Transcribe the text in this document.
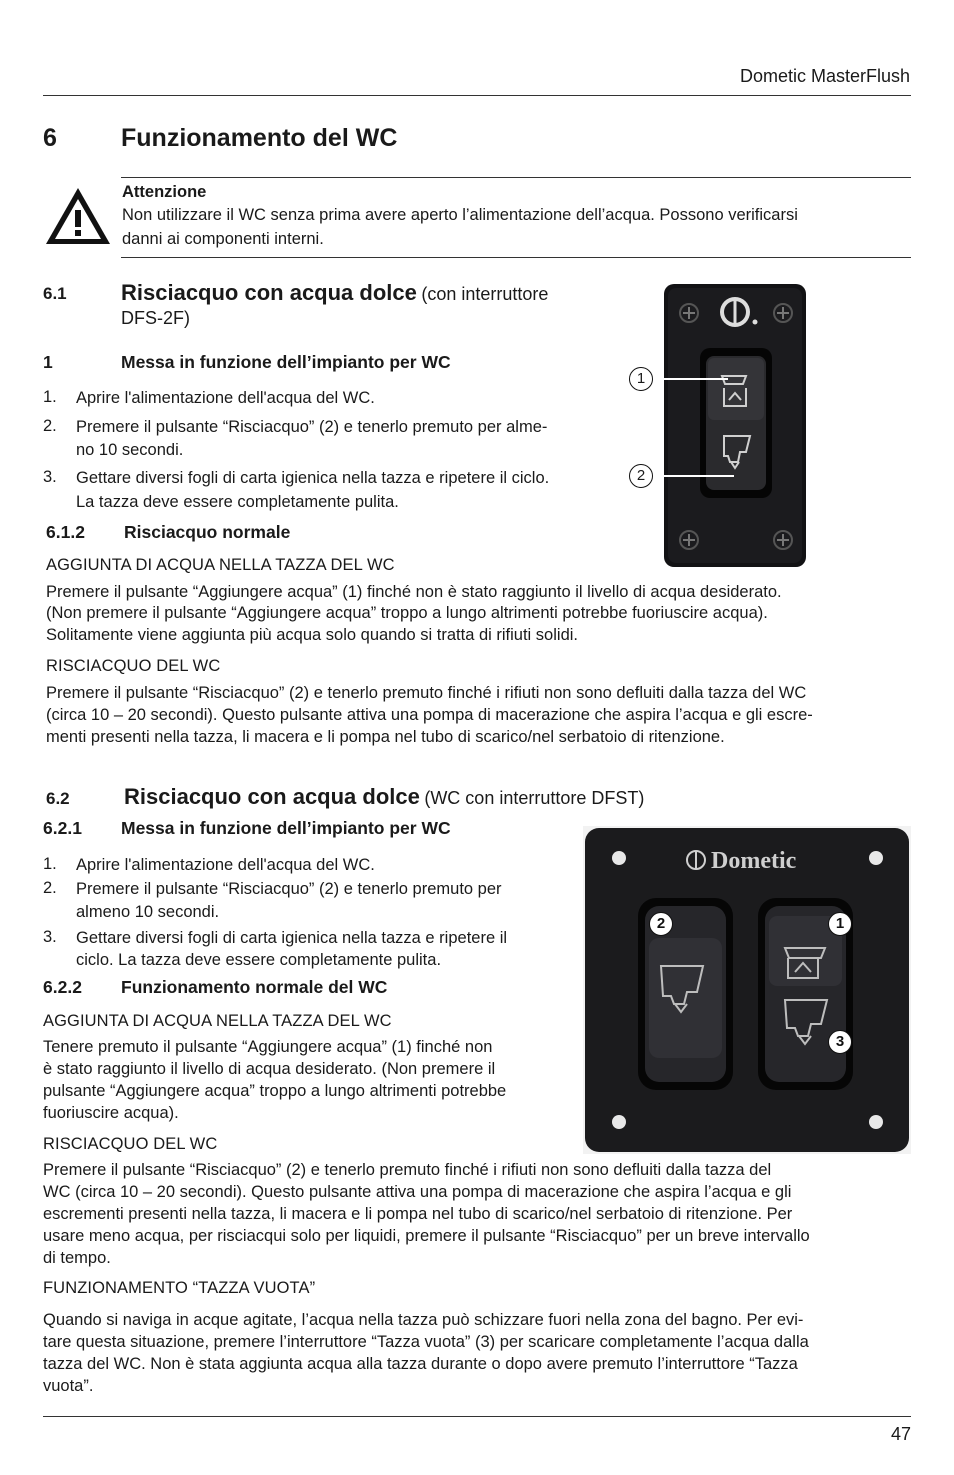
Dometic MasterFlush
6	Funzionamento del WC
Attenzione
Non utilizzare il WC senza prima avere aperto l’alimentazione dell’acqua. Possono verificarsi
danni ai componenti interni.
6.1 Risciacquo con acqua dolce (con interruttore
DFS-2F)
1	Messa in funzione dell’impianto per WC
1. Aprire l'alimentazione dell'acqua del WC.
2. Premere il pulsante “Risciacquo” (2) e tenerlo premuto per alme-
no 10 secondi.
3. Gettare diversi fogli di carta igienica nella tazza e ripetere il ciclo.
La tazza deve essere completamente pulita.
6.1.2 Risciacquo normale
AGGIUNTA DI ACQUA NELLA TAZZA DEL WC
Premere il pulsante “Aggiungere acqua” (1) finché non è stato raggiunto il livello di acqua desiderato.
(Non premere il pulsante “Aggiungere acqua” troppo a lungo altrimenti potrebbe fuoriuscire acqua).
Solitamente viene aggiunta più acqua solo quando si tratta di rifiuti solidi.
RISCIACQUO DEL WC
Premere il pulsante “Risciacquo” (2) e tenerlo premuto finché i rifiuti non sono defluiti dalla tazza del WC
(circa 10 – 20 secondi). Questo pulsante attiva una pompa di macerazione che aspira l’acqua e gli escre-
menti presenti nella tazza, li macera e li pompa nel tubo di scarico/nel serbatoio di ritenzione.
1
2
6.2 Risciacquo con acqua dolce (WC con interruttore DFST)
6.2.1 Messa in funzione dell’impianto per WC
1. Aprire l'alimentazione dell'acqua del WC.
2. Premere il pulsante “Risciacquo” (2) e tenerlo premuto per
almeno 10 secondi.
3. Gettare diversi fogli di carta igienica nella tazza e ripetere il
ciclo. La tazza deve essere completamente pulita.
6.2.2 Funzionamento normale del WC
AGGIUNTA DI ACQUA NELLA TAZZA DEL WC
Tenere premuto il pulsante “Aggiungere acqua” (1) finché non
è stato raggiunto il livello di acqua desiderato. (Non premere il
pulsante “Aggiungere acqua” troppo a lungo altrimenti potrebbe
fuoriuscire acqua).
RISCIACQUO DEL WC
Premere il pulsante “Risciacquo” (2) e tenerlo premuto finché i rifiuti non sono defluiti dalla tazza del
WC (circa 10 – 20 secondi). Questo pulsante attiva una pompa di macerazione che aspira l’acqua e gli
escrementi presenti nella tazza, li macera e li pompa nel tubo di scarico/nel serbatoio di ritenzione. Per
usare meno acqua, per risciacqui solo per liquidi, premere il pulsante “Risciacquo” per un breve intervallo
di tempo.
FUNZIONAMENTO “TAZZA VUOTA”
Quando si naviga in acque agitate, l’acqua nella tazza può schizzare fuori nella zona del bagno. Per evi-
tare questa situazione, premere l’interruttore “Tazza vuota” (3) per scaricare completamente l’acqua dalla
tazza del WC. Non è stata aggiunta acqua alla tazza durante o dopo avere premuto l’interruttore “Tazza
vuota”.
Dometic
2	1
3
47
